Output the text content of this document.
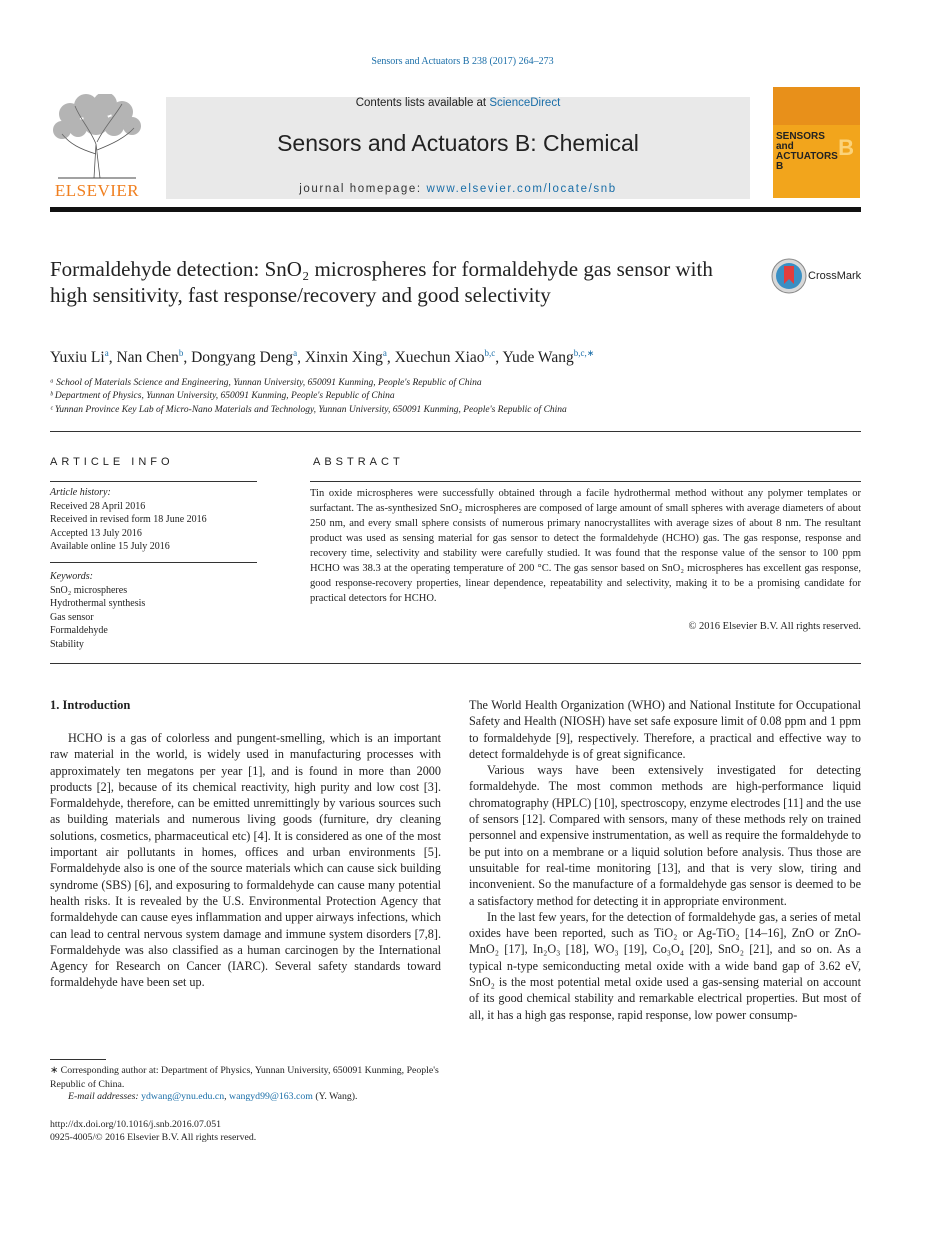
Sensors and Actuators B 238 (2017) 264–273
ELSEVIER
Contents lists available at ScienceDirect
Sensors and Actuators B: Chemical
journal homepage: www.elsevier.com/locate/snb
SENSORS and ACTUATORS B
B
Formaldehyde detection: SnO₂ microspheres for formaldehyde gas sensor with high sensitivity, fast response/recovery and good selectivity
CrossMark
Yuxiu Li$^a$, Nan Chen$^b$, Dongyang Deng$^a$, Xinxin Xing$^a$, Xuechun Xiao$^{b,c}$, Yude Wang$^{b,c,∗}$
ᵃ School of Materials Science and Engineering, Yunnan University, 650091 Kunming, People's Republic of China
ᵇ Department of Physics, Yunnan University, 650091 Kunming, People's Republic of China
ᶜ Yunnan Province Key Lab of Micro-Nano Materials and Technology, Yunnan University, 650091 Kunming, People's Republic of China
ARTICLE INFO
Article history:
Received 28 April 2016
Received in revised form 18 June 2016
Accepted 13 July 2016
Available online 15 July 2016
Keywords:
SnO₂ microspheres
Hydrothermal synthesis
Gas sensor
Formaldehyde
Stability
ABSTRACT
Tin oxide microspheres were successfully obtained through a facile hydrothermal method without any polymer templates or surfactant. The as-synthesized SnO₂ microspheres are composed of large amount of small spheres with average diameters of about 250 nm, and every small sphere consists of numerous primary nanocrystallites with average sizes of about 8 nm. The resultant product was used as sensing material for gas sensor to detect the formaldehyde (HCHO) gas. The gas response, response and recovery time, selectivity and stability were carefully studied. It was found that the response value of the sensor to 100 ppm HCHO was 38.3 at the operating temperature of 200 °C. The gas sensor based on SnO₂ microspheres has excellent gas response, good response-recovery properties, linear dependence, repeatability and selectivity, making it to be a promising candidate for practical detectors for HCHO.
© 2016 Elsevier B.V. All rights reserved.
1. Introduction

HCHO is a gas of colorless and pungent-smelling, which is an important raw material in the world, is widely used in manufacturing processes with approximately ten megatons per year [1], and is found in more than 2000 products [2], because of its chemical reactivity, high purity and low cost [3]. Formaldehyde, therefore, can be emitted unremittingly by various sources such as building materials and numerous living goods (furniture, dry cleaning solutions, cosmetics, pharmaceutical etc) [4]. It is considered as one of the most important air pollutants in homes, offices and urban environments [5]. Formaldehyde also is one of the source materials which can cause sick building syndrome (SBS) [6], and exposuring to formaldehyde can cause many potential health risks. It is revealed by the U.S. Environmental Protection Agency that formaldehyde can cause eyes inflammation and upper airways infections, which can lead to central nervous system damage and immune system disorders [7,8]. Formaldehyde was also classified as a human carcinogen by the International Agency for Research on Cancer (IARC). Several safety standards toward formaldehyde have been set up.

The World Health Organization (WHO) and National Institute for Occupational Safety and Health (NIOSH) have set safe exposure limit of 0.08 ppm and 1 ppm to formaldehyde [9], respectively. Therefore, a practical and effective way to detect formaldehyde is of great significance.

Various ways have been extensively investigated for detecting formaldehyde. The most common methods are high-performance liquid chromatography (HPLC) [10], spectroscopy, enzyme electrodes [11] and the use of sensors [12]. Compared with sensors, many of these methods rely on trained personnel and expensive instrumentation, as well as require the formaldehyde to be put into on a membrane or a liquid solution before analysis. Thus those are unsuitable for real-time monitoring [13], and that is very slow, tiring and inconvenient. So the manufacture of a formaldehyde gas sensor is deemed to be a satisfactory method for detecting it in appropriate environment.

In the last few years, for the detection of formaldehyde gas, a series of metal oxides have been reported, such as TiO₂ or Ag-TiO₂ [14–16], ZnO or ZnO-MnO₂ [17], In₂O₃ [18], WO₃ [19], Co₃O₄ [20], SnO₂ [21], and so on. As a typical n-type semiconducting metal oxide with a wide band gap of 3.62 eV, SnO₂ is the most potential metal oxide used a gas-sensing material on account of its good chemical stability and remarkable electrical properties. But most of all, it has a high gas response, rapid response, low power consump-

∗ Corresponding author at: Department of Physics, Yunnan University, 650091 Kunming, People's Republic of China.
E-mail addresses: ydwang@ynu.edu.cn, wangyd99@163.com (Y. Wang).
http://dx.doi.org/10.1016/j.snb.2016.07.051
0925-4005/© 2016 Elsevier B.V. All rights reserved.
